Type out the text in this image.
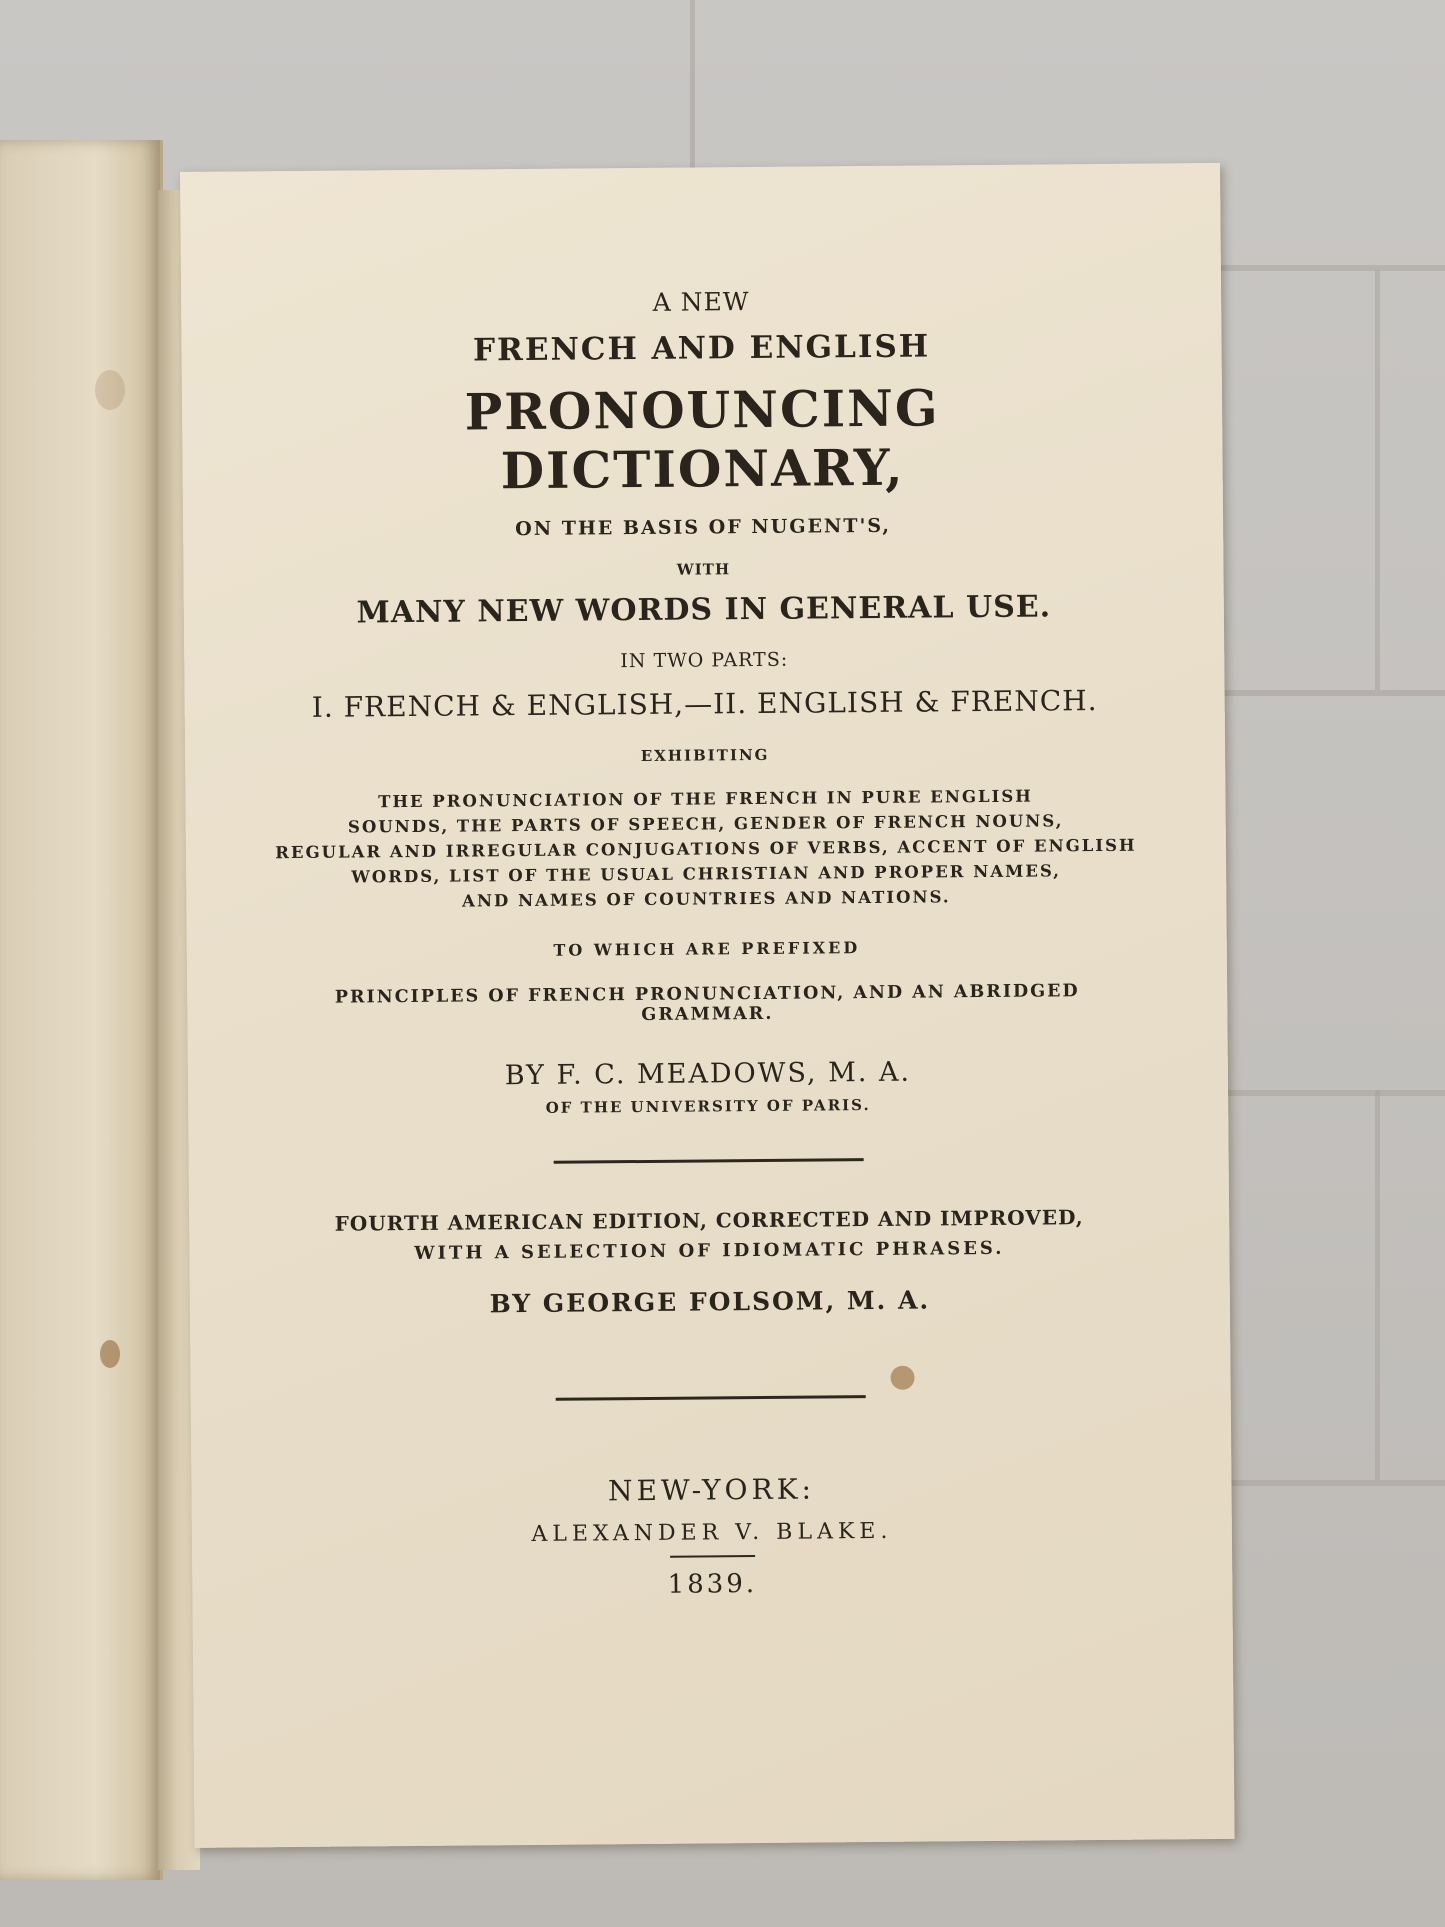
A NEW
FRENCH AND ENGLISH
PRONOUNCING DICTIONARY,
ON THE BASIS OF NUGENT'S,
WITH
MANY NEW WORDS IN GENERAL USE.
IN TWO PARTS:
I. FRENCH & ENGLISH,—II. ENGLISH & FRENCH.
EXHIBITING
THE PRONUNCIATION OF THE FRENCH IN PURE ENGLISH
SOUNDS, THE PARTS OF SPEECH, GENDER OF FRENCH NOUNS,
REGULAR AND IRREGULAR CONJUGATIONS OF VERBS, ACCENT OF ENGLISH
WORDS, LIST OF THE USUAL CHRISTIAN AND PROPER NAMES,
AND NAMES OF COUNTRIES AND NATIONS.
TO WHICH ARE PREFIXED
PRINCIPLES OF FRENCH PRONUNCIATION, AND AN ABRIDGED GRAMMAR.
BY F. C. MEADOWS, M. A.
OF THE UNIVERSITY OF PARIS.
FOURTH AMERICAN EDITION, CORRECTED AND IMPROVED,
WITH A SELECTION OF IDIOMATIC PHRASES.
BY GEORGE FOLSOM, M. A.
NEW-YORK:
ALEXANDER V. BLAKE.
1839.
